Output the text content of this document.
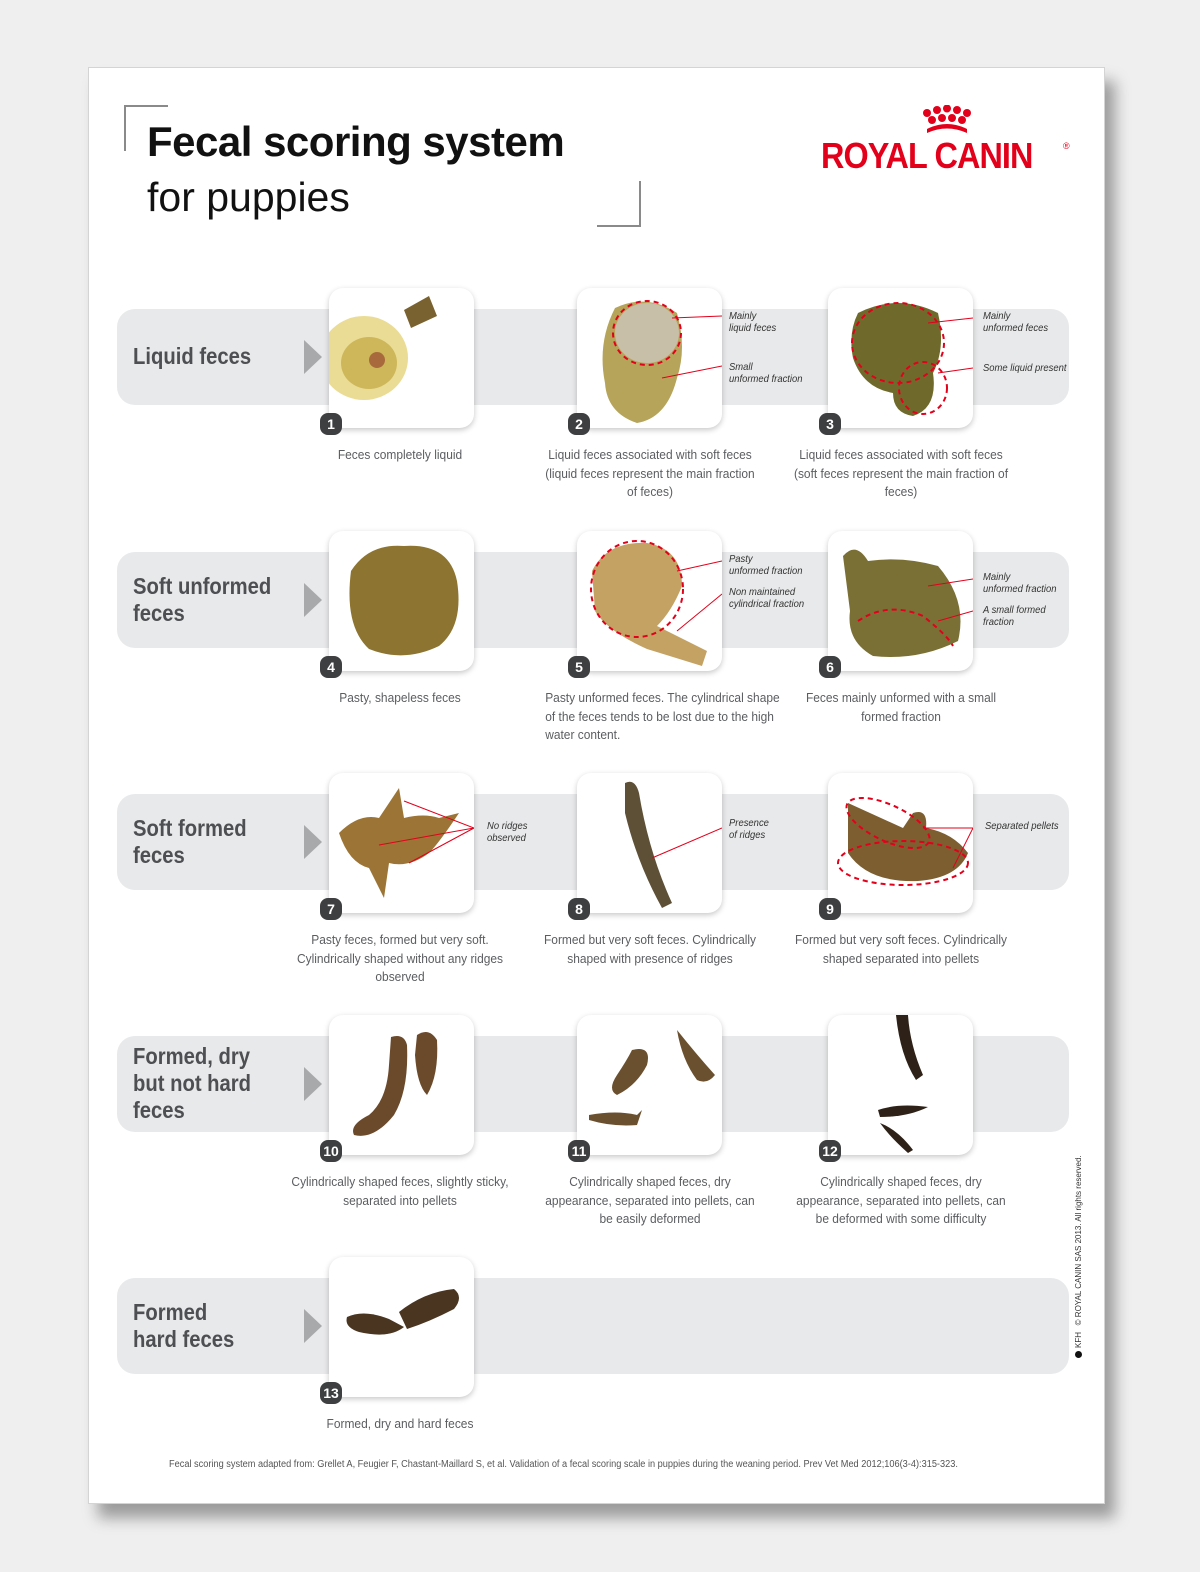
Fecal scoring system
for puppies
ROYAL CANIN	®
Liquid feces
1
Feces completely liquid
Mainly
liquid feces
Small
unformed fraction
2
Liquid feces associated with soft feces (liquid feces represent the main fraction of feces)
Mainly
unformed feces
Some liquid present
3
Liquid feces associated with soft feces (soft feces represent the main fraction of feces)
Soft unformed
feces
4
Pasty, shapeless feces
Pasty
unformed fraction
Non maintained
cylindrical fraction
5
Pasty unformed feces. The cylindrical shape of the feces tends to be lost due to the high water content.
Mainly
unformed fraction
A small formed
fraction
6
Feces mainly unformed with a small formed fraction
Soft formed
feces
No ridges
observed
7
Pasty feces, formed but very soft. Cylindrically shaped without any ridges observed
Presence
of ridges
8
Formed but very soft feces. Cylindrically shaped with presence of ridges
Separated pellets
9
Formed but very soft feces. Cylindrically shaped separated into pellets
Formed, dry
but not hard
feces
10
Cylindrically shaped feces, slightly sticky, separated into pellets
11
Cylindrically shaped feces, dry appearance, separated into pellets, can be easily deformed
12
Cylindrically shaped feces, dry appearance, separated into pellets, can be deformed with some difficulty
Formed
hard feces
13
Formed, dry and hard feces
Fecal scoring system adapted from: Grellet A, Feugier F, Chastant-Maillard S, et al. Validation of a fecal scoring scale in puppies during the weaning period. Prev Vet Med 2012;106(3-4):315-323.
KFH   © ROYAL CANIN SAS 2013. All rights reserved.
